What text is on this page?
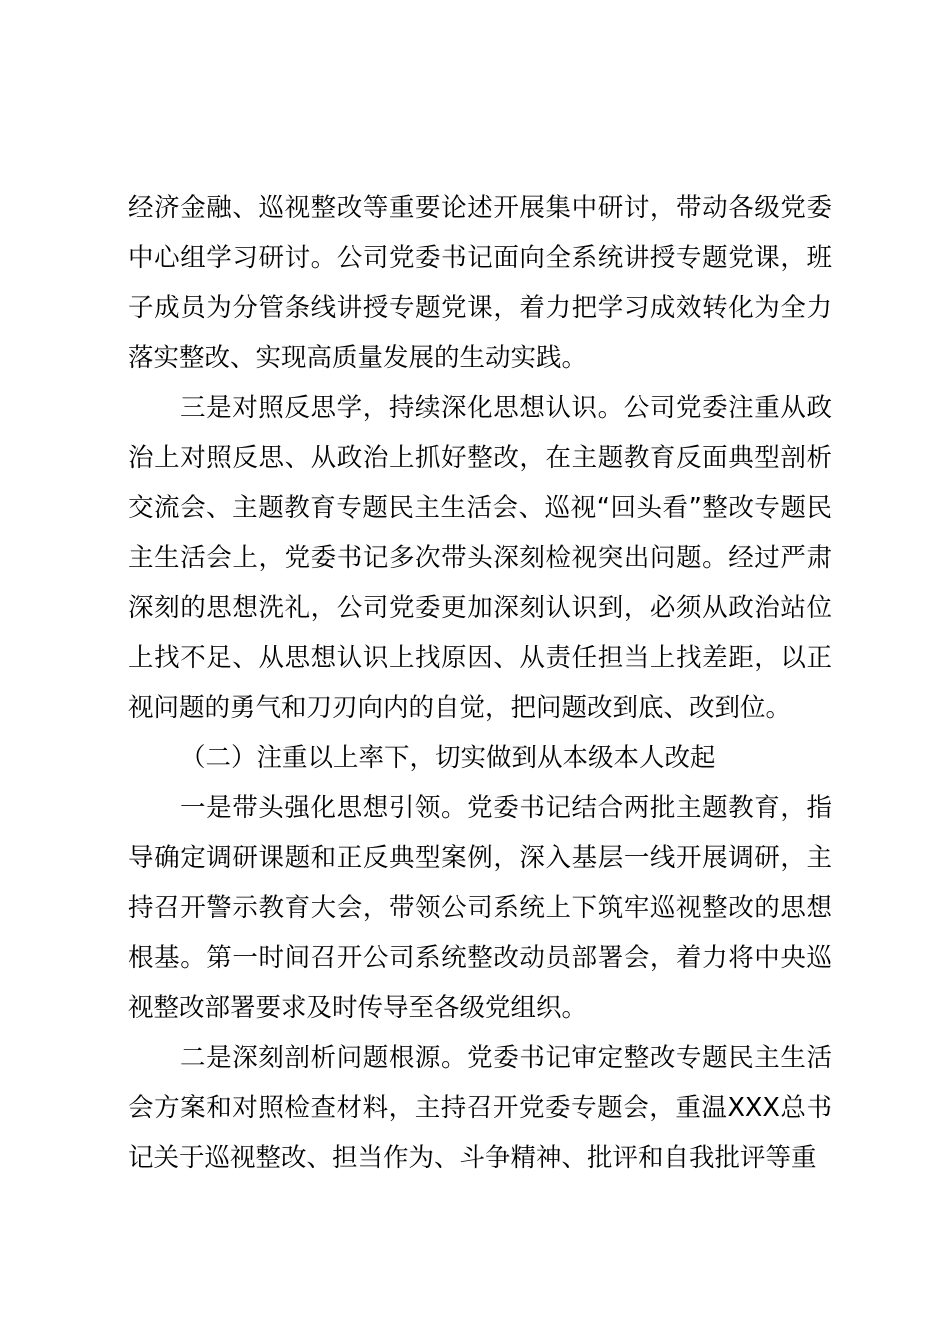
经济金融、巡视整改等重要论述开展集中研讨，带动各级党委中心组学习研讨。公司党委书记面向全系统讲授专题党课，班子成员为分管条线讲授专题党课，着力把学习成效转化为全力落实整改、实现高质量发展的生动实践。

三是对照反思学，持续深化思想认识。公司党委注重从政治上对照反思、从政治上抓好整改，在主题教育反面典型剖析交流会、主题教育专题民主生活会、巡视“回头看”整改专题民主生活会上，党委书记多次带头深刻检视突出问题。经过严肃深刻的思想洗礼，公司党委更加深刻认识到，必须从政治站位上找不足、从思想认识上找原因、从责任担当上找差距，以正视问题的勇气和刀刃向内的自觉，把问题改到底、改到位。

（二）注重以上率下，切实做到从本级本人改起

一是带头强化思想引领。党委书记结合两批主题教育，指导确定调研课题和正反典型案例，深入基层一线开展调研，主持召开警示教育大会，带领公司系统上下筑牢巡视整改的思想根基。第一时间召开公司系统整改动员部署会，着力将中央巡视整改部署要求及时传导至各级党组织。

二是深刻剖析问题根源。党委书记审定整改专题民主生活会方案和对照检查材料，主持召开党委专题会，重温XXX总书记关于巡视整改、担当作为、斗争精神、批评和自我批评等重
